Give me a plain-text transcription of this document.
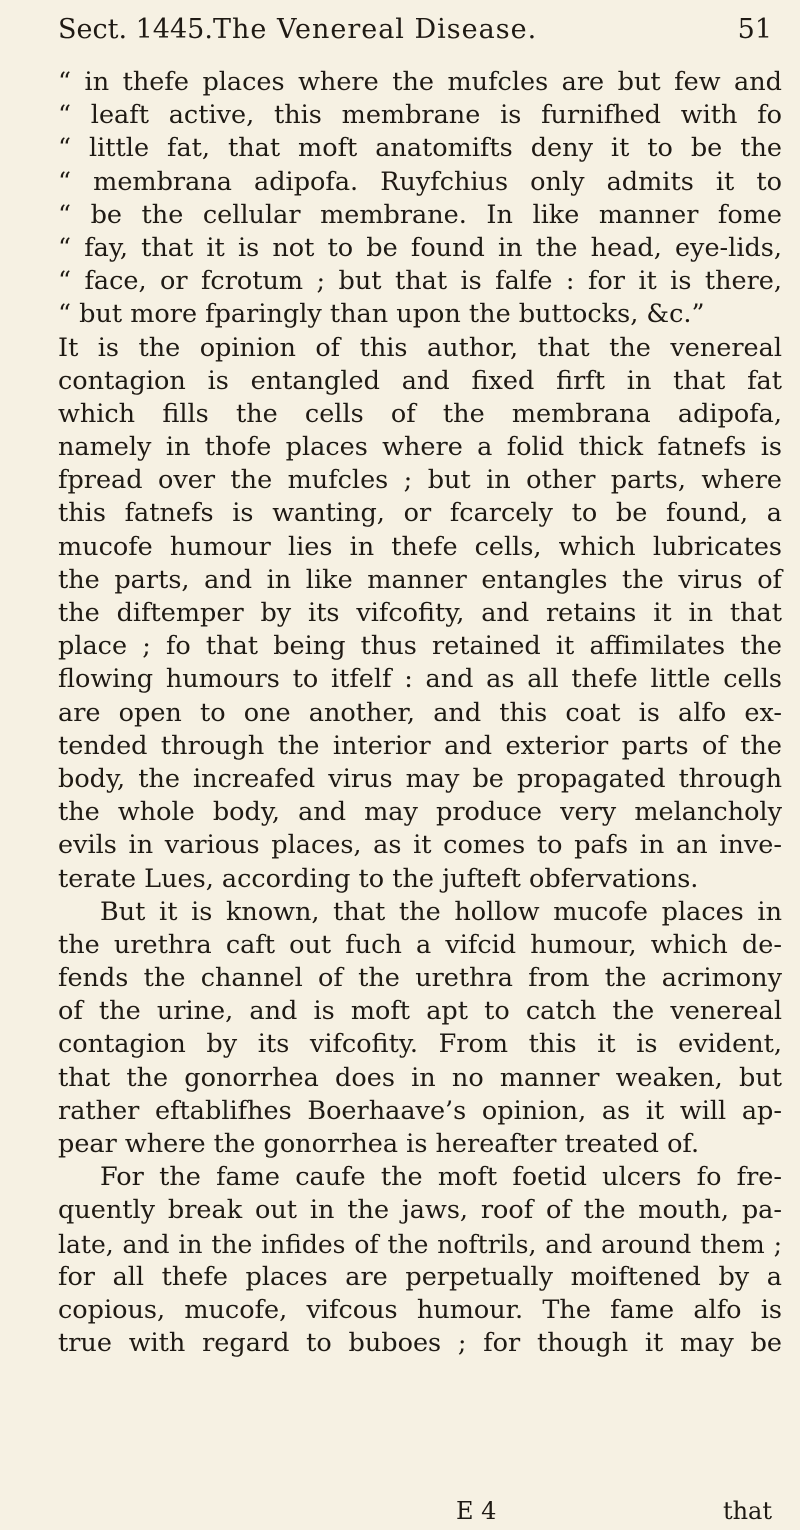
Sect. 1445. The Venereal Disease.	51
“ in thefe places where the mufcles are but few and
“ leaft active, this membrane is furnifhed with fo
“ little fat, that moft anatomifts deny it to be the
“ membrana adipofa. Ruyfchius only admits it to
“ be the cellular membrane. In like manner fome
“ fay, that it is not to be found in the head, eye-lids,
“ face, or fcrotum ; but that is falfe : for it is there,
“ but more fparingly than upon the buttocks, &c.”
It is the opinion of this author, that the venereal
contagion is entangled and fixed firft in that fat
which fills the cells of the membrana adipofa,
namely in thofe places where a folid thick fatnefs is
fpread over the mufcles ; but in other parts, where
this fatnefs is wanting, or fcarcely to be found, a
mucofe humour lies in thefe cells, which lubricates
the parts, and in like manner entangles the virus of
the diftemper by its vifcofity, and retains it in that
place ; fo that being thus retained it affimilates the
flowing humours to itfelf : and as all thefe little cells
are open to one another, and this coat is alfo ex-
tended through the interior and exterior parts of the
body, the increafed virus may be propagated through
the whole body, and may produce very melancholy
evils in various places, as it comes to pafs in an inve-
terate Lues, according to the jufteft obfervations.
But it is known, that the hollow mucofe places in
the urethra caft out fuch a vifcid humour, which de-
fends the channel of the urethra from the acrimony
of the urine, and is moft apt to catch the venereal
contagion by its vifcofity. From this it is evident,
that the gonorrhea does in no manner weaken, but
rather eftablifhes Boerhaave’s opinion, as it will ap-
pear where the gonorrhea is hereafter treated of.
For the fame caufe the moft foetid ulcers fo fre-
quently break out in the jaws, roof of the mouth, pa-
late, and in the infides of the noftrils, and around them ;
for all thefe places are perpetually moiftened by a
copious, mucofe, vifcous humour. The fame alfo is
true with regard to buboes ; for though it may be
E 4	that
